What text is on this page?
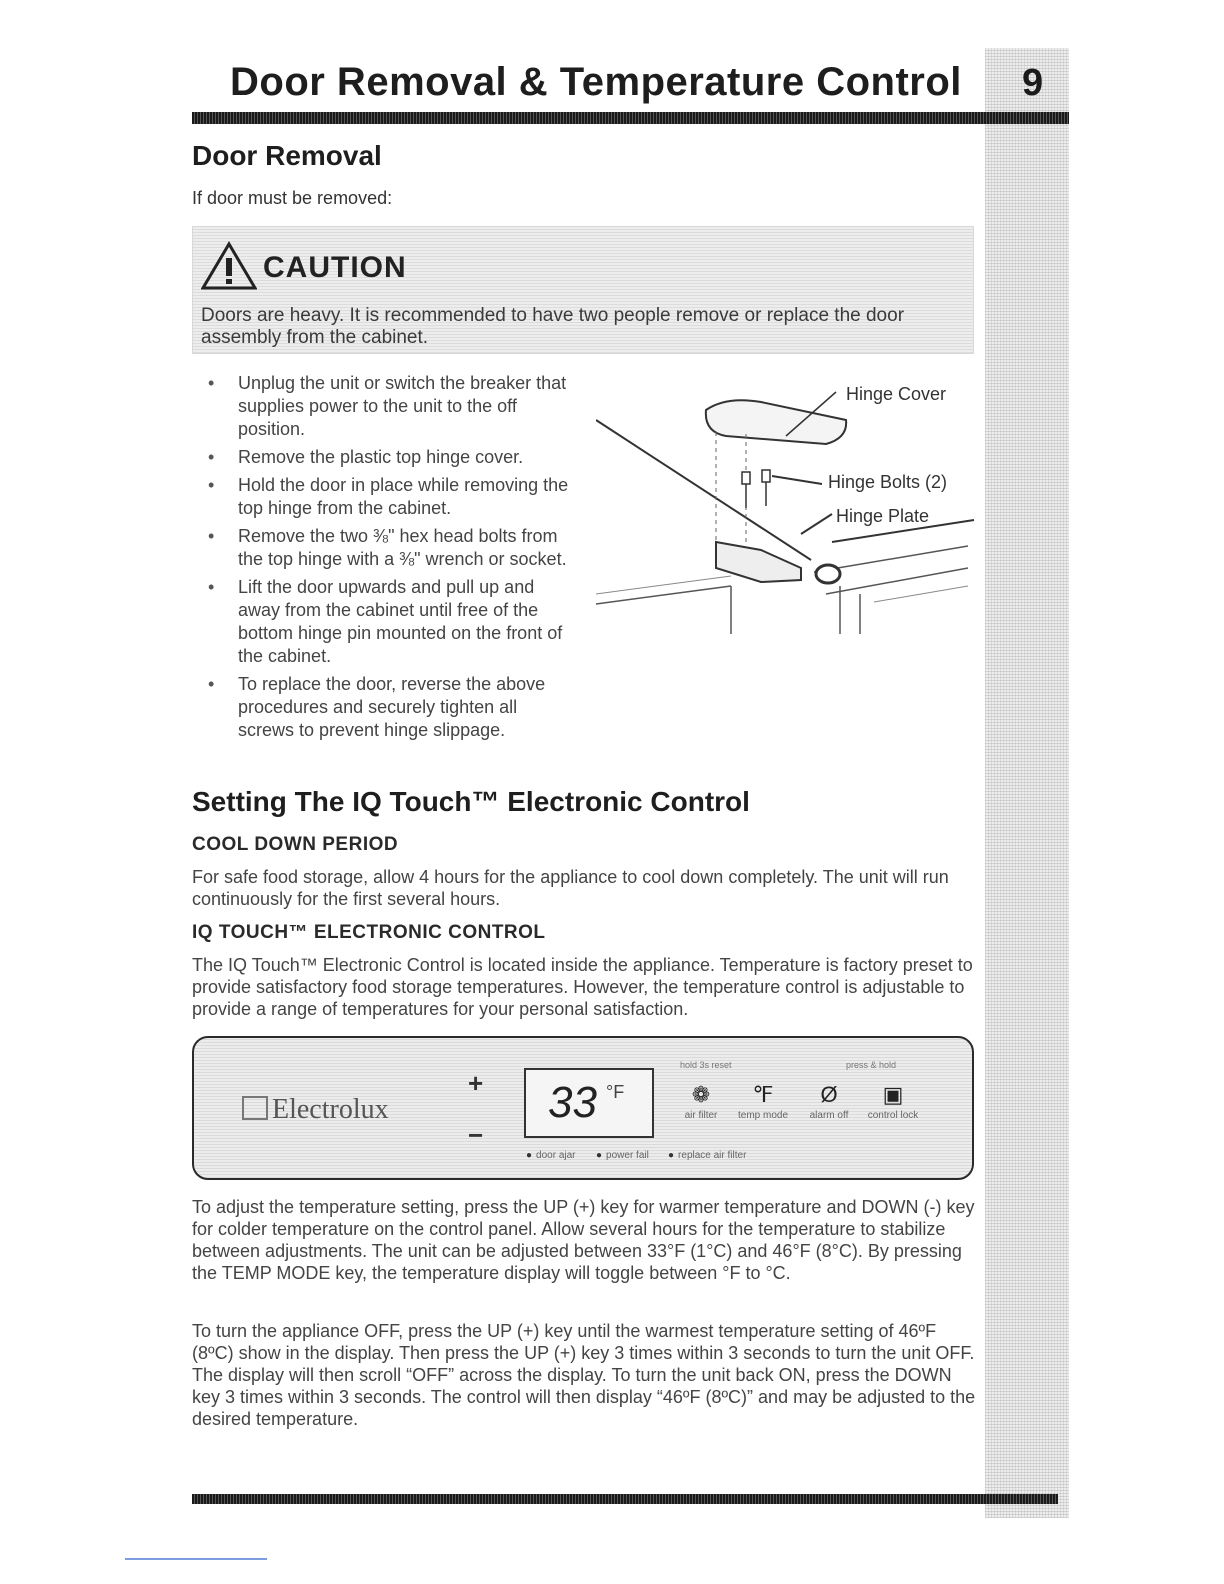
9
Door Removal & Temperature Control
Door Removal
If door must be removed:
CAUTION
Doors are heavy. It is recommended to have two people remove or replace the door assembly from the cabinet.
• Unplug the unit or switch the breaker that supplies power to the unit to the off position.
• Remove the plastic top hinge cover.
• Hold the door in place while removing the top hinge from the cabinet.
• Remove the two ⅜" hex head bolts from the top hinge with a ⅜" wrench or socket.
• Lift the door upwards and pull up and away from the cabinet until free of the bottom hinge pin mounted on the front of the cabinet.
• To replace the door, reverse the above procedures and securely tighten all screws to prevent hinge slippage.
Hinge Cover
Hinge Bolts (2)
Hinge Plate
Setting The IQ Touch™ Electronic Control
COOL DOWN PERIOD

For safe food storage, allow 4 hours for the appliance to cool down completely. The unit will run continuously for the first several hours.

IQ TOUCH™ ELECTRONIC CONTROL

The IQ Touch™ Electronic Control is located inside the appliance. Temperature is factory preset to provide satisfactory food storage temperatures. However, the temperature control is adjustable to provide a range of temperatures for your personal satisfaction.

Electrolux
+
−
33 °F
● door ajar	● power fail	● replace air filter
hold 3s reset	press & hold
❁
air filter
℉
temp mode
Ø
alarm off
▣
control lock

To adjust the temperature setting, press the UP (+) key for warmer temperature and DOWN (-) key for colder temperature on the control panel. Allow several hours for the temperature to stabilize between adjustments. The unit can be adjusted between 33°F (1°C) and 46°F (8°C). By pressing the TEMP MODE key, the temperature display will toggle between °F to °C.

To turn the appliance OFF, press the UP (+) key until the warmest temperature setting of 46ºF (8ºC) show in the display. Then press the UP (+) key 3 times within 3 seconds to turn the unit OFF. The display will then scroll “OFF” across the display. To turn the unit back ON, press the DOWN key 3 times within 3 seconds. The control will then display “46ºF (8ºC)” and may be adjusted to the desired temperature.
